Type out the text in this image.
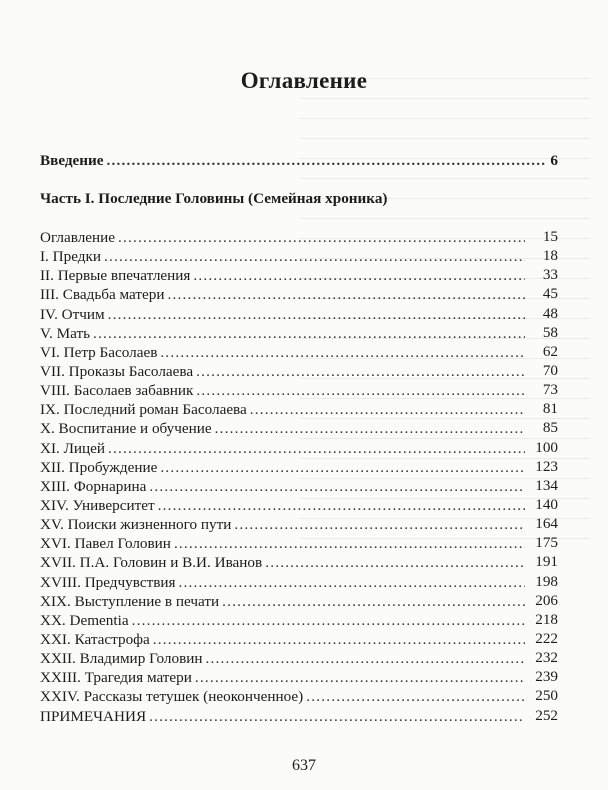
Оглавление
Введение .....	6
Часть I. Последние Головины (Семейная хроника)
Оглавление .....	15
I. Предки .....	18
II. Первые впечатления .....	33
III. Свадьба матери .....	45
IV. Отчим .....	48
V. Мать .....	58
VI. Петр Басолаев .....	62
VII. Проказы Басолаева .....	70
VIII. Басолаев забавник .....	73
IX. Последний роман Басолаева .....	81
X. Воспитание и обучение .....	85
XI. Лицей .....	100
XII. Пробуждение .....	123
XIII. Форнарина .....	134
XIV. Университет .....	140
XV. Поиски жизненного пути .....	164
XVI. Павел Головин .....	175
XVII. П.А. Головин и В.И. Иванов .....	191
XVIII. Предчувствия .....	198
XIX. Выступление в печати .....	206
XX. Dementia .....	218
XXI. Катастрофа .....	222
XXII. Владимир Головин .....	232
XXIII. Трагедия матери .....	239
XXIV. Рассказы тетушек (неоконченное) .....	250
ПРИМЕЧАНИЯ .....	252
637
